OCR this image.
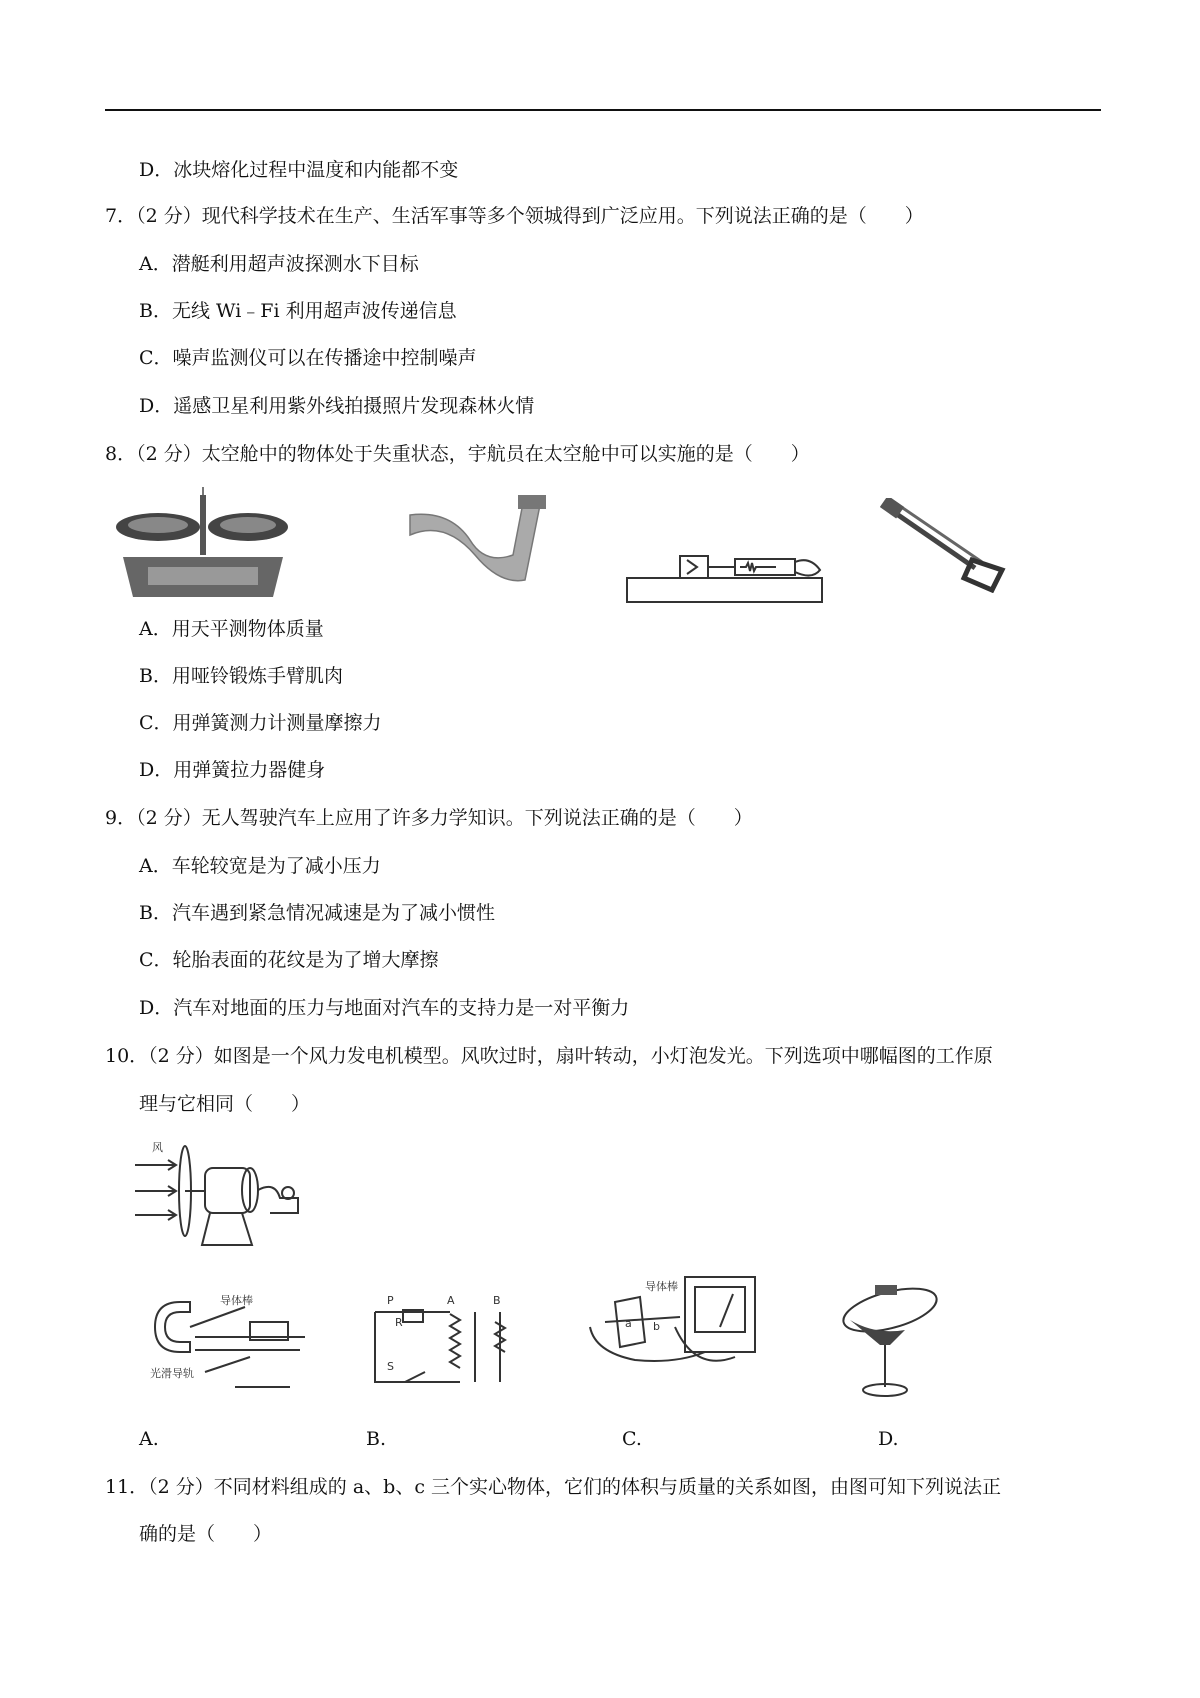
D．冰块熔化过程中温度和内能都不变
7．（2 分）现代科学技术在生产、生活军事等多个领城得到广泛应用。下列说法正确的是（　　）
A．潜艇利用超声波探测水下目标
B．无线 Wi﹣Fi 利用超声波传递信息
C．噪声监测仪可以在传播途中控制噪声
D．遥感卫星利用紫外线拍摄照片发现森林火情
8．（2 分）太空舱中的物体处于失重状态，宇航员在太空舱中可以实施的是（　　）
A．用天平测物体质量
B．用哑铃锻炼手臂肌肉
C．用弹簧测力计测量摩擦力
D．用弹簧拉力器健身
9．（2 分）无人驾驶汽车上应用了许多力学知识。下列说法正确的是（　　）
A．车轮较宽是为了减小压力
B．汽车遇到紧急情况减速是为了减小惯性
C．轮胎表面的花纹是为了增大摩擦
D．汽车对地面的压力与地面对汽车的支持力是一对平衡力
10．（2 分）如图是一个风力发电机模型。风吹过时，扇叶转动，小灯泡发光。下列选项中哪幅图的工作原
理与它相同（　　）
风
导体棒
光滑导轨
P
R
S
A	B
导体棒
a b
A.	B.	C.	D.
11．（2 分）不同材料组成的 a、b、c 三个实心物体，它们的体积与质量的关系如图，由图可知下列说法正
确的是（　　）
